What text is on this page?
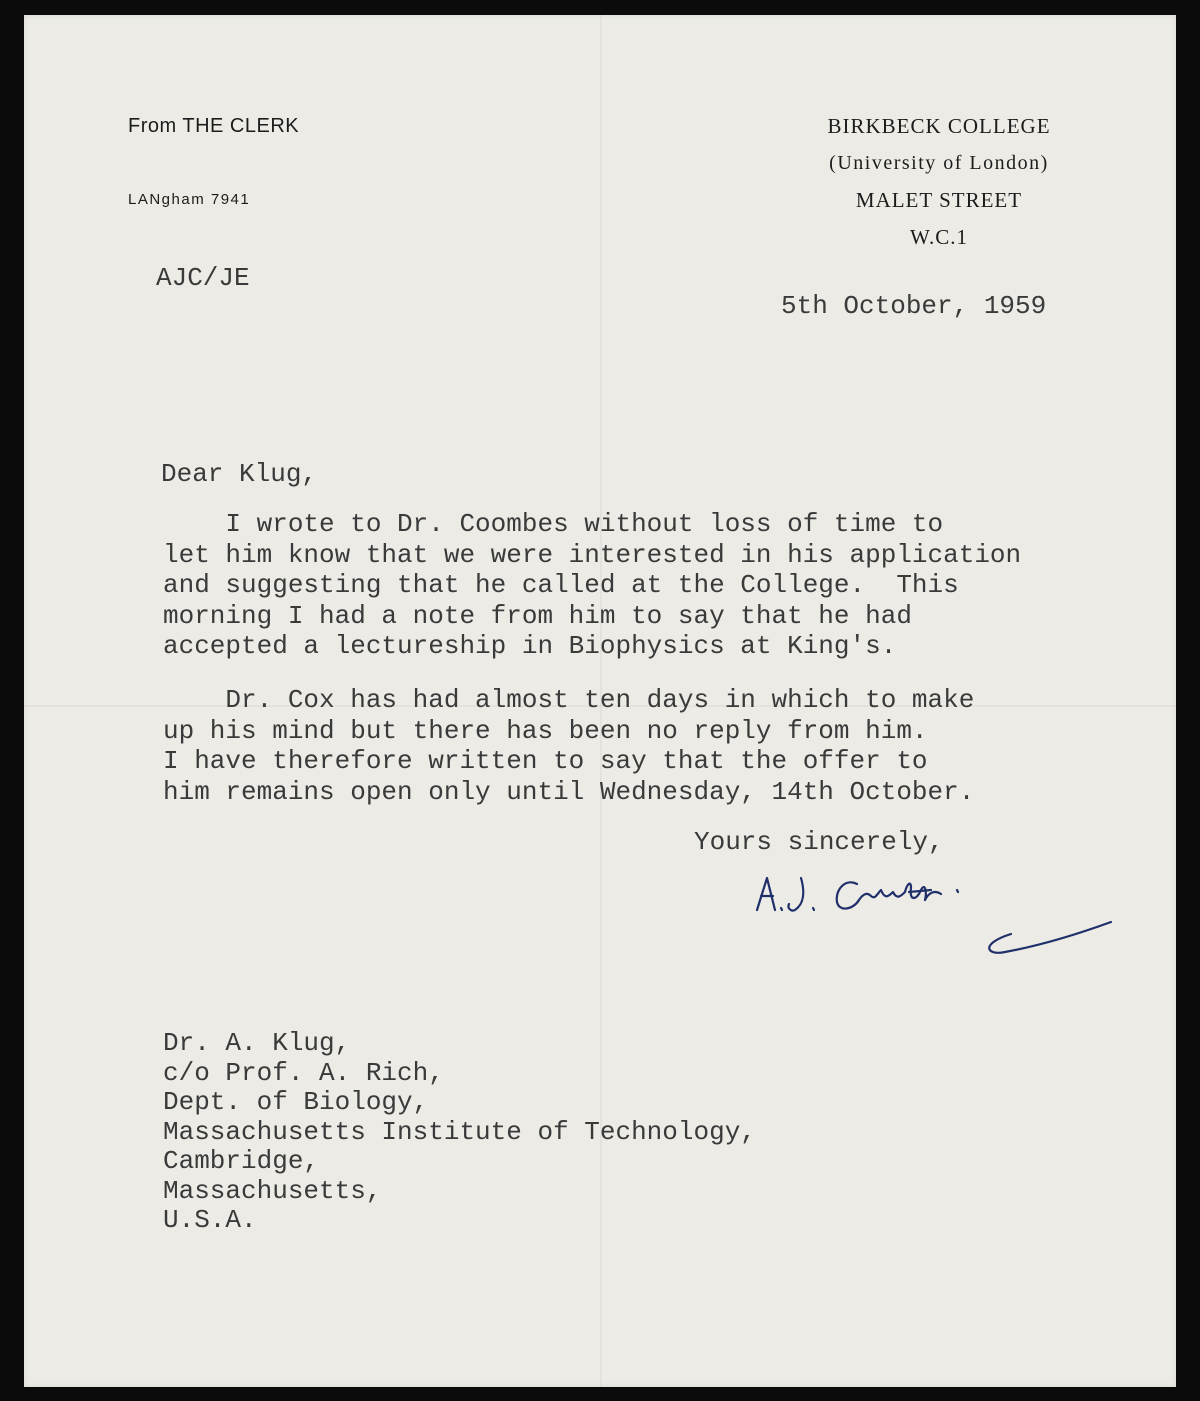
From THE CLERK
LANgham 7941
BIRKBECK COLLEGE
(University of London)
MALET STREET
W.C.1
AJC/JE
5th October, 1959
Dear Klug,
I wrote to Dr. Coombes without loss of time to
let him know that we were interested in his application
and suggesting that he called at the College.  This
morning I had a note from him to say that he had
accepted a lectureship in Biophysics at King's.
Dr. Cox has had almost ten days in which to make
up his mind but there has been no reply from him.
I have therefore written to say that the offer to
him remains open only until Wednesday, 14th October.
Yours sincerely,
Dr. A. Klug,
c/o Prof. A. Rich,
Dept. of Biology,
Massachusetts Institute of Technology,
Cambridge,
Massachusetts,
U.S.A.
